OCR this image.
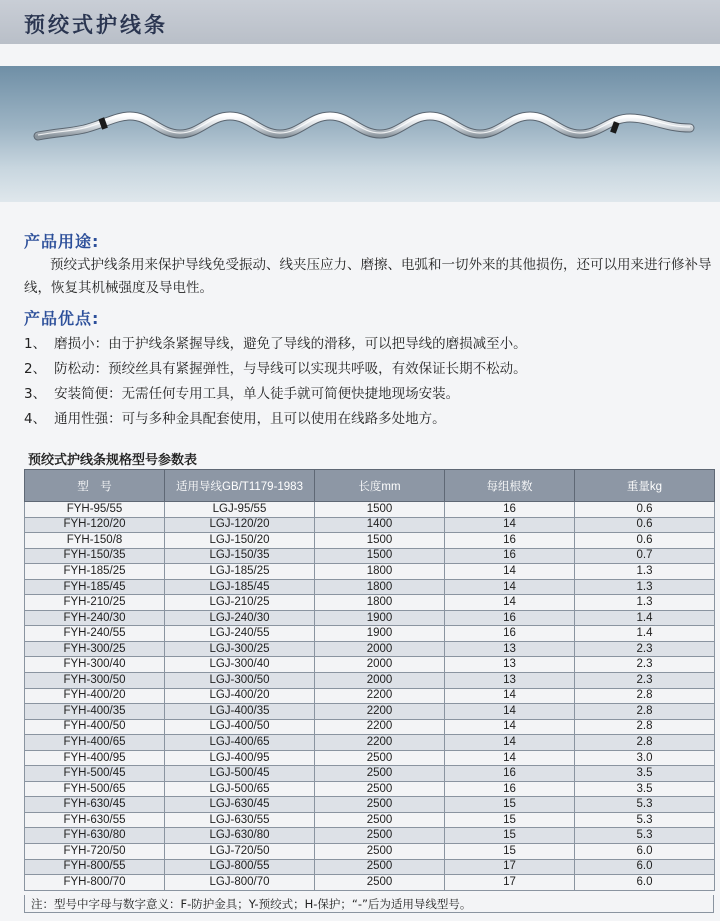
预绞式护线条
产品用途:
预绞式护线条用来保护导线免受振动、线夹压应力、磨擦、电弧和一切外来的其他损伤，还可以用来进行修补导线，恢复其机械强度及导电性。
产品优点:
1、 磨损小：由于护线条紧握导线，避免了导线的滑移，可以把导线的磨损减至小。
2、 防松动：预绞丝具有紧握弹性，与导线可以实现共呼吸，有效保证长期不松动。
3、 安装简便：无需任何专用工具，单人徒手就可简便快捷地现场安装。
4、 通用性强：可与多种金具配套使用，且可以使用在线路多处地方。
预绞式护线条规格型号参数表
型　号	适用导线GB/T1179-1983	长度mm	每组根数	重量kg
FYH-95/55	LGJ-95/55	1500	16	0.6
FYH-120/20	LGJ-120/20	1400	14	0.6
FYH-150/8	LGJ-150/20	1500	16	0.6
FYH-150/35	LGJ-150/35	1500	16	0.7
FYH-185/25	LGJ-185/25	1800	14	1.3
FYH-185/45	LGJ-185/45	1800	14	1.3
FYH-210/25	LGJ-210/25	1800	14	1.3
FYH-240/30	LGJ-240/30	1900	16	1.4
FYH-240/55	LGJ-240/55	1900	16	1.4
FYH-300/25	LGJ-300/25	2000	13	2.3
FYH-300/40	LGJ-300/40	2000	13	2.3
FYH-300/50	LGJ-300/50	2000	13	2.3
FYH-400/20	LGJ-400/20	2200	14	2.8
FYH-400/35	LGJ-400/35	2200	14	2.8
FYH-400/50	LGJ-400/50	2200	14	2.8
FYH-400/65	LGJ-400/65	2200	14	2.8
FYH-400/95	LGJ-400/95	2500	14	3.0
FYH-500/45	LGJ-500/45	2500	16	3.5
FYH-500/65	LGJ-500/65	2500	16	3.5
FYH-630/45	LGJ-630/45	2500	15	5.3
FYH-630/55	LGJ-630/55	2500	15	5.3
FYH-630/80	LGJ-630/80	2500	15	5.3
FYH-720/50	LGJ-720/50	2500	15	6.0
FYH-800/55	LGJ-800/55	2500	17	6.0
FYH-800/70	LGJ-800/70	2500	17	6.0
注：型号中字母与数字意义：F-防护金具；Y-预绞式；H-保护；“-”后为适用导线型号。
